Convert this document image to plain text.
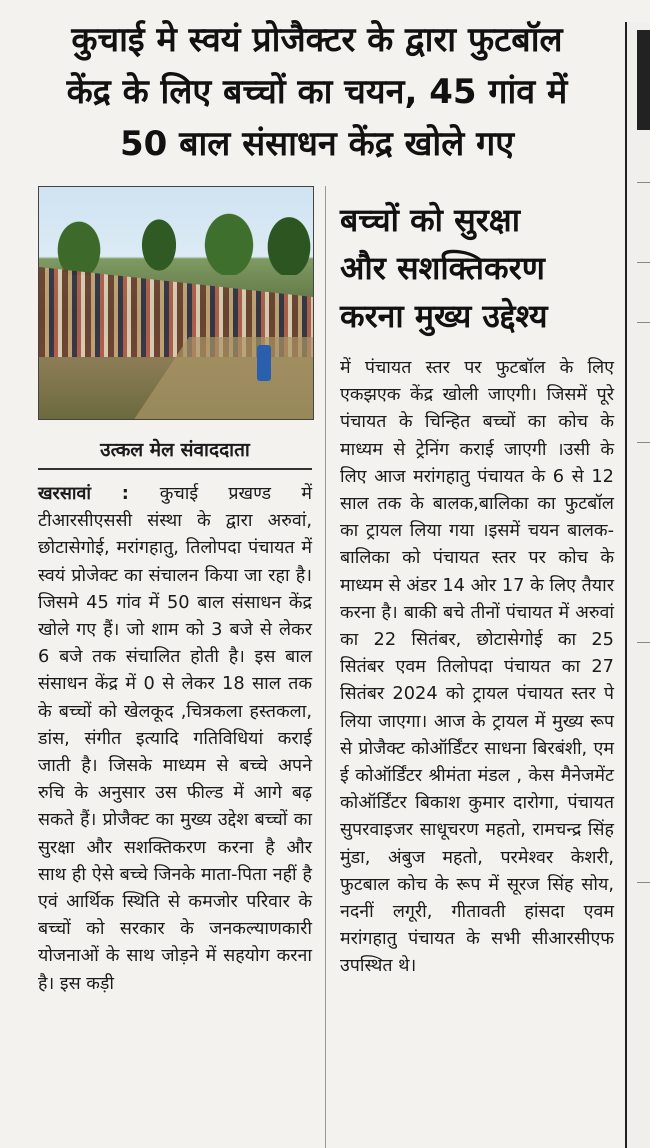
कुचाई मे स्वयं प्रोजैक्टर के द्वारा फुटबॉल
केंद्र के लिए बच्चों का चयन, 45 गांव में
50 बाल संसाधन केंद्र खोले गए
उत्कल मेल संवाददाता
खरसावां : कुचाई प्रखण्ड में टीआरसीएससी संस्था के द्वारा अरुवां, छोटासेगोई, मरांगहातु, तिलोपदा पंचायत में स्वयं प्रोजेक्ट का संचालन किया जा रहा है।जिसमे 45 गांव में 50 बाल संसाधन केंद्र खोले गए हैं। जो शाम को 3 बजे से लेकर 6 बजे तक संचालित होती है। इस बाल संसाधन केंद्र में 0 से लेकर 18 साल तक के बच्चों को खेलकूद ,चित्रकला हस्तकला, डांस, संगीत इत्यादि गतिविधियां कराई जाती है। जिसके माध्यम से बच्चे अपने रुचि के अनुसार उस फील्ड में आगे बढ़ सकते हैं। प्रोजैक्ट का मुख्य उद्देश बच्चों का सुरक्षा और सशक्तिकरण करना है और साथ ही ऐसे बच्चे जिनके माता-पिता नहीं है एवं आर्थिक स्थिति से कमजोर परिवार के बच्चों को सरकार के जनकल्याणकारी योजनाओं के साथ जोड़ने में सहयोग करना है। इस कड़ी
बच्चों को सुरक्षा
और सशक्तिकरण
करना मुख्य उद्देश्य
में पंचायत स्तर पर फुटबॉल के लिए एकझएक केंद्र खोली जाएगी। जिसमें पूरे पंचायत के चिन्हित बच्चों का कोच के माध्यम से ट्रेनिंग कराई जाएगी ।उसी के लिए आज मरांगहातु पंचायत के 6 से 12 साल तक के बालक,बालिका का फुटबॉल का ट्रायल लिया गया ।इसमें चयन बालक-बालिका को पंचायत स्तर पर कोच के माध्यम से अंडर 14 ओर 17 के लिए तैयार करना है। बाकी बचे तीनों पंचायत में अरुवां का 22 सितंबर, छोटासेगोई का 25 सितंबर एवम तिलोपदा पंचायत का 27 सितंबर 2024 को ट्रायल पंचायत स्तर पे लिया जाएगा। आज के ट्रायल में मुख्य रूप से प्रोजैक्ट कोऑर्डिंटर साधना बिरबंशी, एम ई कोऑर्डिंटर श्रीमंता मंडल , केस मैनेजमेंट कोऑर्डिंटर बिकाश कुमार दारोगा, पंचायत सुपरवाइजर साधूचरण महतो, रामचन्द्र सिंह मुंडा, अंबुज महतो, परमेश्वर केशरी, फुटबाल कोच के रूप में सूरज सिंह सोय, नदनीं लगूरी, गीतावती हांसदा एवम मरांगहातु पंचायत के सभी सीआरसीएफ उपस्थित थे।
